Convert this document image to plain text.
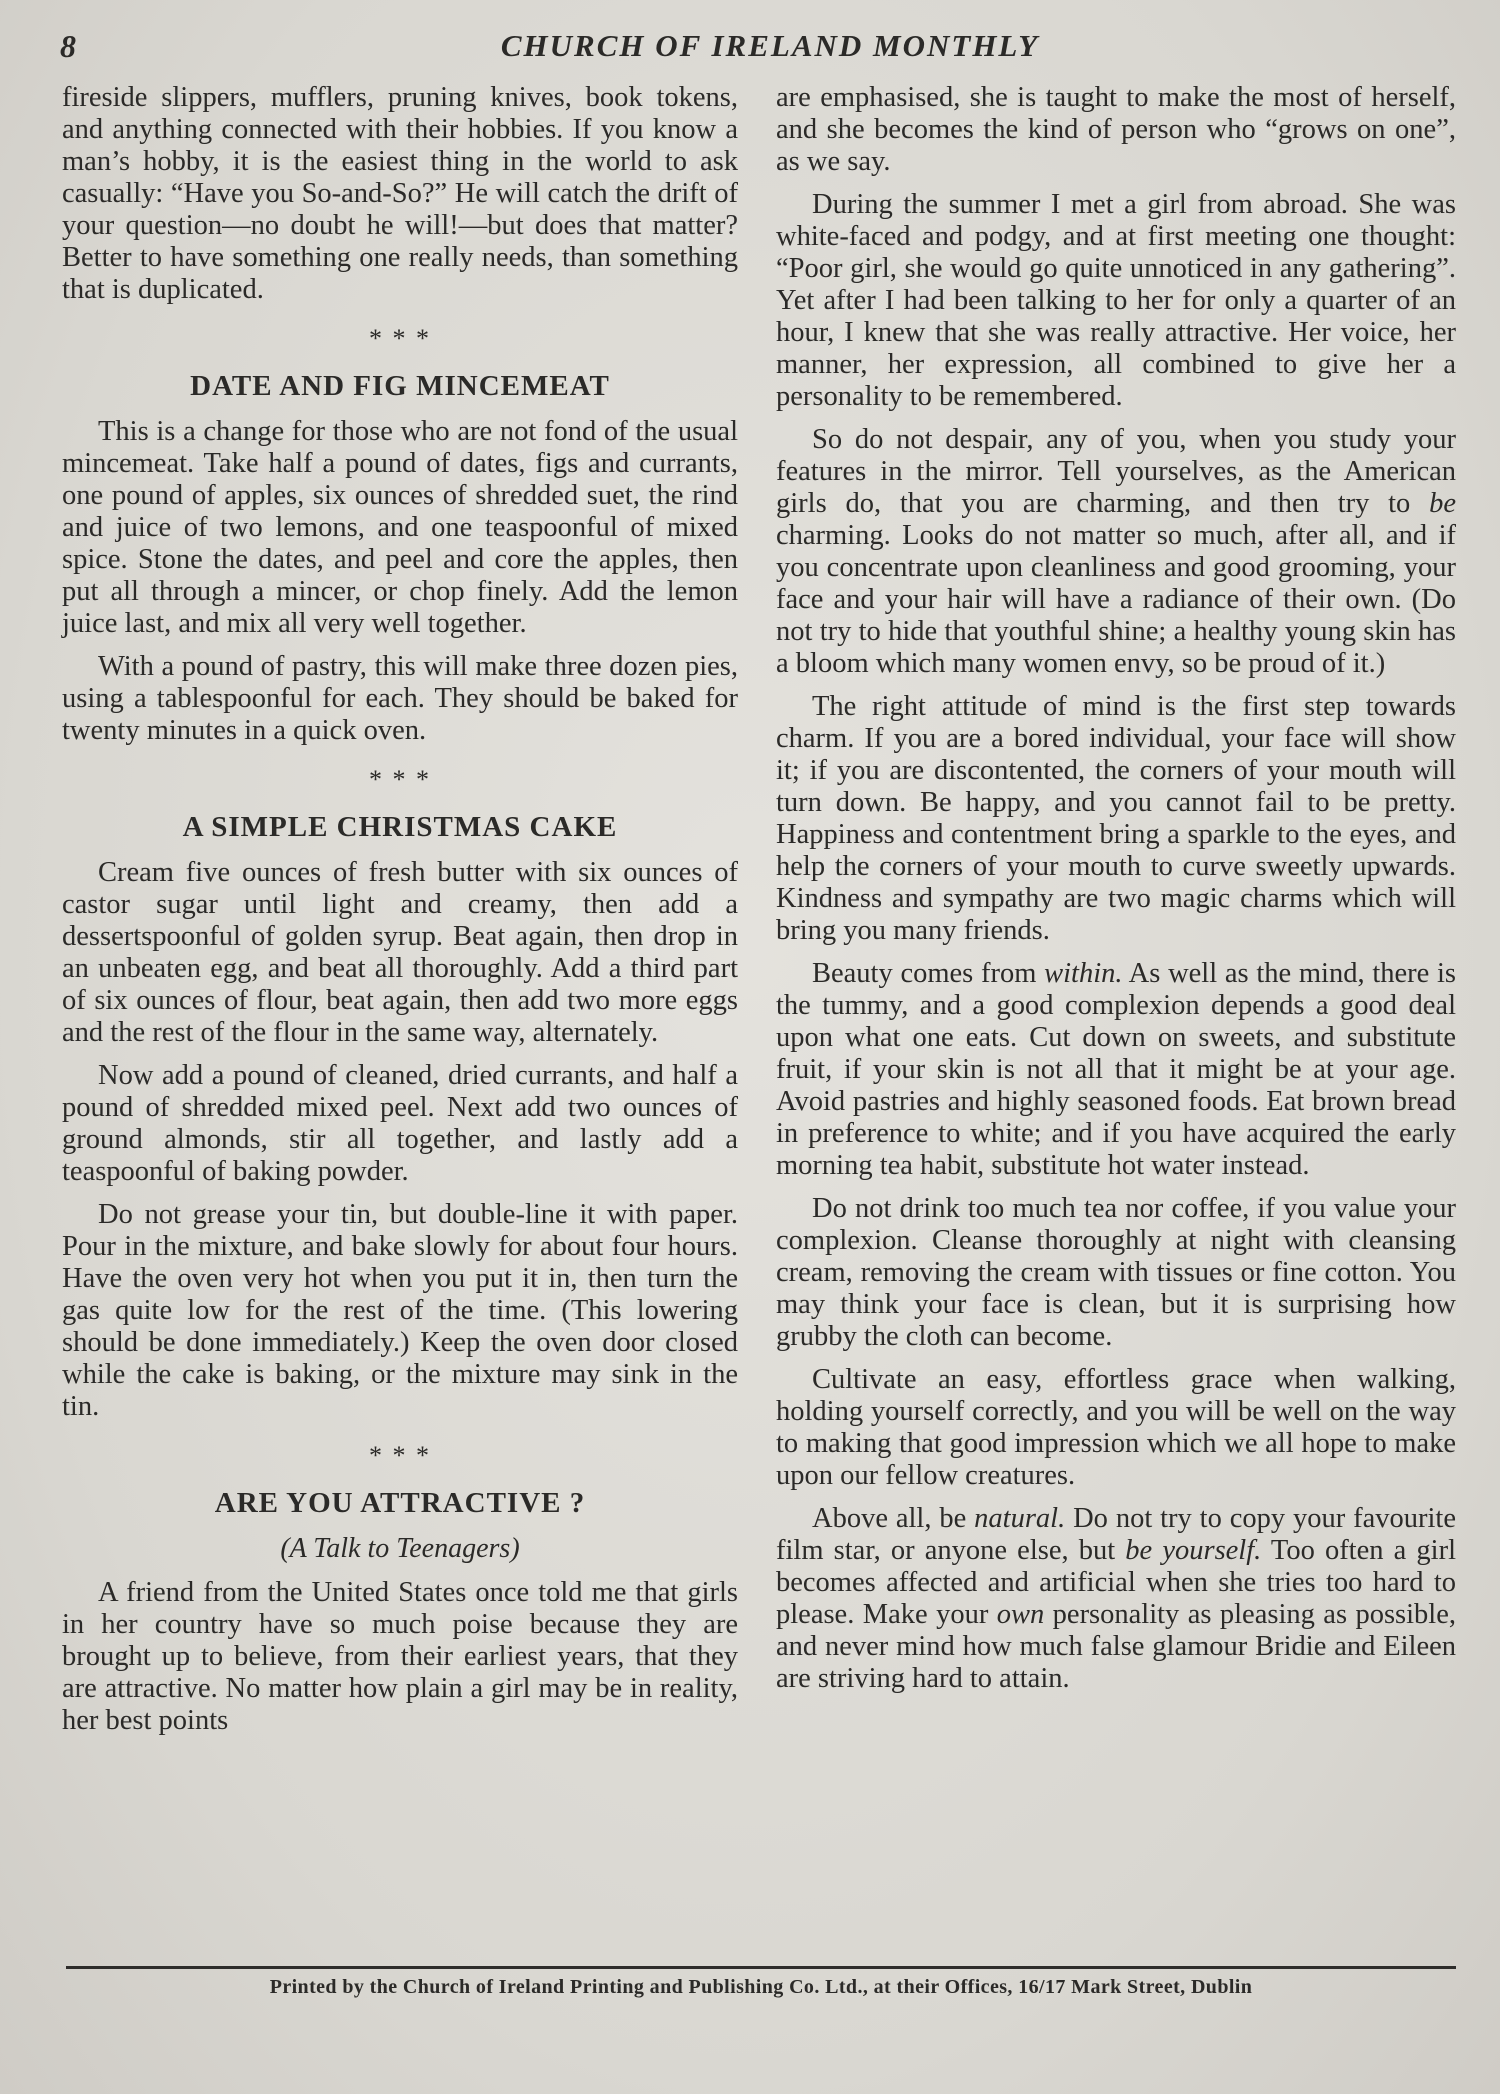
8	CHURCH OF IRELAND MONTHLY

fireside slippers, mufflers, pruning knives, book tokens, and anything connected with their hobbies. If you know a man’s hobby, it is the easiest thing in the world to ask casually: “Have you So-and-So?” He will catch the drift of your question—no doubt he will!—but does that matter? Better to have something one really needs, than something that is duplicated.

* * *
DATE AND FIG MINCEMEAT

This is a change for those who are not fond of the usual mincemeat. Take half a pound of dates, figs and currants, one pound of apples, six ounces of shredded suet, the rind and juice of two lemons, and one teaspoonful of mixed spice. Stone the dates, and peel and core the apples, then put all through a mincer, or chop finely. Add the lemon juice last, and mix all very well together.

With a pound of pastry, this will make three dozen pies, using a tablespoonful for each. They should be baked for twenty minutes in a quick oven.

* * *
A SIMPLE CHRISTMAS CAKE

Cream five ounces of fresh butter with six ounces of castor sugar until light and creamy, then add a dessertspoonful of golden syrup. Beat again, then drop in an unbeaten egg, and beat all thoroughly. Add a third part of six ounces of flour, beat again, then add two more eggs and the rest of the flour in the same way, alternately.

Now add a pound of cleaned, dried currants, and half a pound of shredded mixed peel. Next add two ounces of ground almonds, stir all together, and lastly add a teaspoonful of baking powder.

Do not grease your tin, but double-line it with paper. Pour in the mixture, and bake slowly for about four hours. Have the oven very hot when you put it in, then turn the gas quite low for the rest of the time. (This lowering should be done immediately.) Keep the oven door closed while the cake is baking, or the mixture may sink in the tin.

* * *
ARE YOU ATTRACTIVE ?
(A Talk to Teenagers)

A friend from the United States once told me that girls in her country have so much poise because they are brought up to believe, from their earliest years, that they are attractive. No matter how plain a girl may be in reality, her best points

are emphasised, she is taught to make the most of herself, and she becomes the kind of person who “grows on one”, as we say.

During the summer I met a girl from abroad. She was white-faced and podgy, and at first meeting one thought: “Poor girl, she would go quite unnoticed in any gathering”. Yet after I had been talking to her for only a quarter of an hour, I knew that she was really attractive. Her voice, her manner, her expression, all combined to give her a personality to be remembered.

So do not despair, any of you, when you study your features in the mirror. Tell yourselves, as the American girls do, that you are charming, and then try to be charming. Looks do not matter so much, after all, and if you concentrate upon cleanliness and good grooming, your face and your hair will have a radiance of their own. (Do not try to hide that youthful shine; a healthy young skin has a bloom which many women envy, so be proud of it.)

The right attitude of mind is the first step towards charm. If you are a bored individual, your face will show it; if you are discontented, the corners of your mouth will turn down. Be happy, and you cannot fail to be pretty. Happiness and contentment bring a sparkle to the eyes, and help the corners of your mouth to curve sweetly upwards. Kindness and sympathy are two magic charms which will bring you many friends.

Beauty comes from within. As well as the mind, there is the tummy, and a good complexion depends a good deal upon what one eats. Cut down on sweets, and substitute fruit, if your skin is not all that it might be at your age. Avoid pastries and highly seasoned foods. Eat brown bread in preference to white; and if you have acquired the early morning tea habit, substitute hot water instead.

Do not drink too much tea nor coffee, if you value your complexion. Cleanse thoroughly at night with cleansing cream, removing the cream with tissues or fine cotton. You may think your face is clean, but it is surprising how grubby the cloth can become.

Cultivate an easy, effortless grace when walking, holding yourself correctly, and you will be well on the way to making that good impression which we all hope to make upon our fellow creatures.

Above all, be natural. Do not try to copy your favourite film star, or anyone else, but be yourself. Too often a girl becomes affected and artificial when she tries too hard to please. Make your own personality as pleasing as possible, and never mind how much false glamour Bridie and Eileen are striving hard to attain.

Printed by the Church of Ireland Printing and Publishing Co. Ltd., at their Offices, 16/17 Mark Street, Dublin
